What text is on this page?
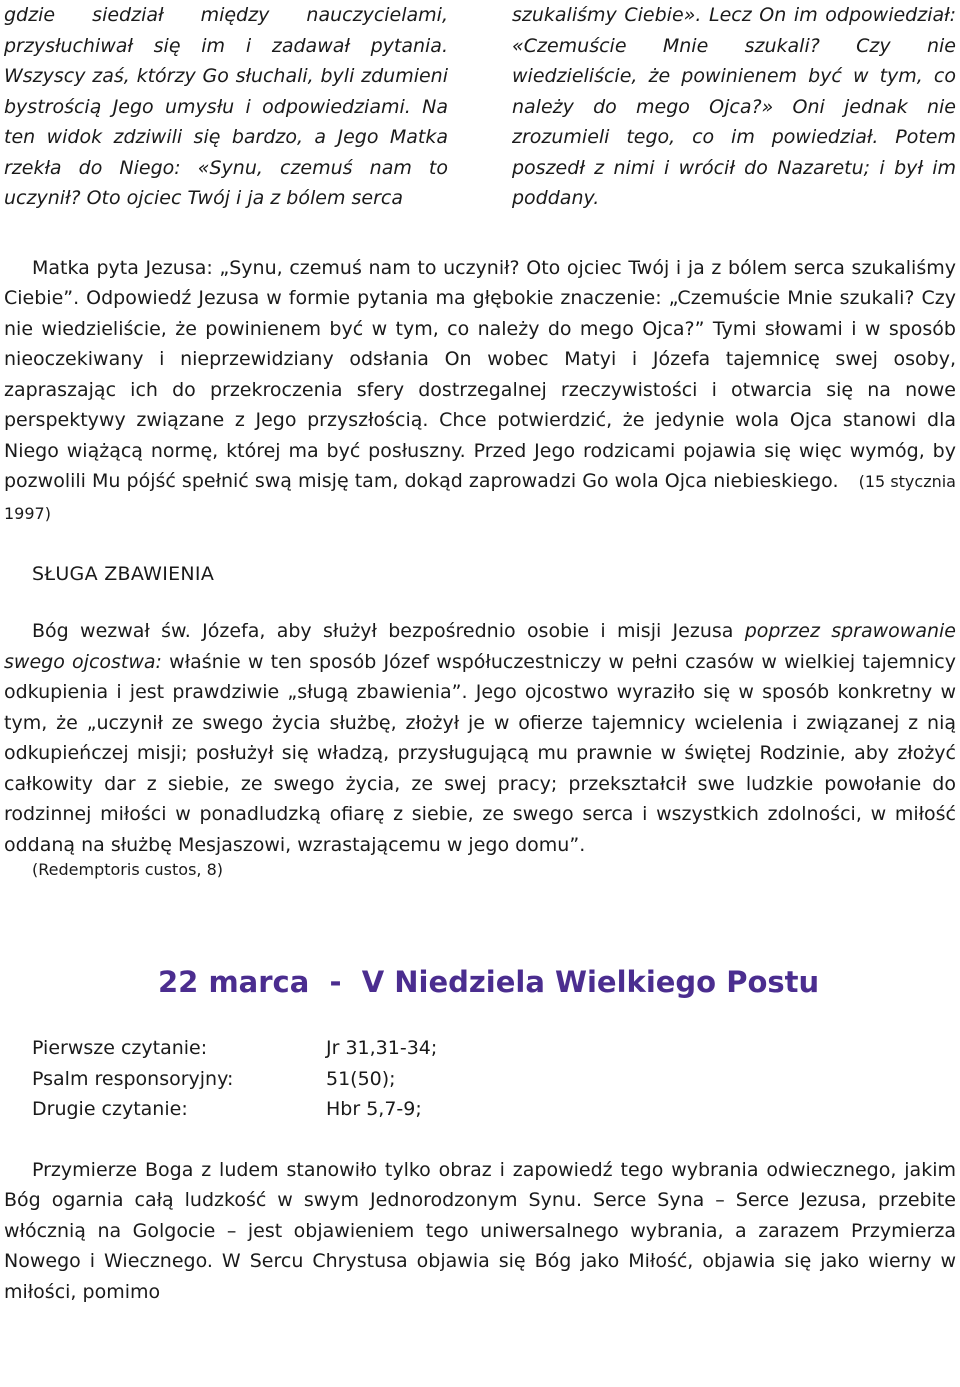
gdzie siedział między nauczycielami, przysłuchiwał się im i zadawał pytania. Wszyscy zaś, którzy Go słuchali, byli zdumieni bystrością Jego umysłu i odpowiedziami. Na ten widok zdziwili się bardzo, a Jego Matka rzekła do Niego: «Synu, czemuś nam to uczynił? Oto ojciec Twój i ja z bólem serca

szukaliśmy Ciebie». Lecz On im odpowiedział: «Czemuście Mnie szukali? Czy nie wiedzieliście, że powinienem być w tym, co należy do mego Ojca?» Oni jednak nie zrozumieli tego, co im powiedział. Potem poszedł z nimi i wrócił do Nazaretu; i był im poddany.

Matka pyta Jezusa: „Synu, czemuś nam to uczynił? Oto ojciec Twój i ja z bólem serca szukaliśmy Ciebie”. Odpowiedź Jezusa w formie pytania ma głębokie znaczenie: „Czemuście Mnie szukali? Czy nie wiedzieliście, że powinienem być w tym, co należy do mego Ojca?” Tymi słowami i w sposób nieoczekiwany i nieprzewidziany odsłania On wobec Matyi i Józefa tajemnicę swej osoby, zapraszając ich do przekroczenia sfery dostrzegalnej rzeczywistości i otwarcia się na nowe perspektywy związane z Jego przyszłością. Chce potwierdzić, że jedynie wola Ojca stanowi dla Niego wiążącą normę, której ma być posłuszny. Przed Jego rodzicami pojawia się więc wymóg, by pozwolili Mu pójść spełnić swą misję tam, dokąd zaprowadzi Go wola Ojca niebieskiego. (15 stycznia 1997)

SŁUGA ZBAWIENIA

Bóg wezwał św. Józefa, aby służył bezpośrednio osobie i misji Jezusa poprzez sprawowanie swego ojcostwa: właśnie w ten sposób Józef współuczestniczy w pełni czasów w wielkiej tajemnicy odkupienia i jest prawdziwie „sługą zbawienia”. Jego ojcostwo wyraziło się w sposób konkretny w tym, że „uczynił ze swego życia służbę, złożył je w ofierze tajemnicy wcielenia i związanej z nią odkupieńczej misji; posłużył się władzą, przysługującą mu prawnie w świętej Rodzinie, aby złożyć całkowity dar z siebie, ze swego życia, ze swej pracy; przekształcił swe ludzkie powołanie do rodzinnej miłości w ponadludzką ofiarę z siebie, ze swego serca i wszystkich zdolności, w miłość oddaną na służbę Mesjaszowi, wzrastającemu w jego domu”.

(Redemptoris custos, 8)

22 marca  -  V Niedziela Wielkiego Postu

Pierwsze czytanie:	Jr 31,31-34;
Psalm responsoryjny:	51(50);
Drugie czytanie:	Hbr 5,7-9;

Przymierze Boga z ludem stanowiło tylko obraz i zapowiedź tego wybrania odwiecznego, jakim Bóg ogarnia całą ludzkość w swym Jednorodzonym Synu. Serce Syna – Serce Jezusa, przebite włócznią na Golgocie – jest objawieniem tego uniwersalnego wybrania, a zarazem Przymierza Nowego i Wiecznego. W Sercu Chrystusa objawia się Bóg jako Miłość, objawia się jako wierny w miłości, pomimo
